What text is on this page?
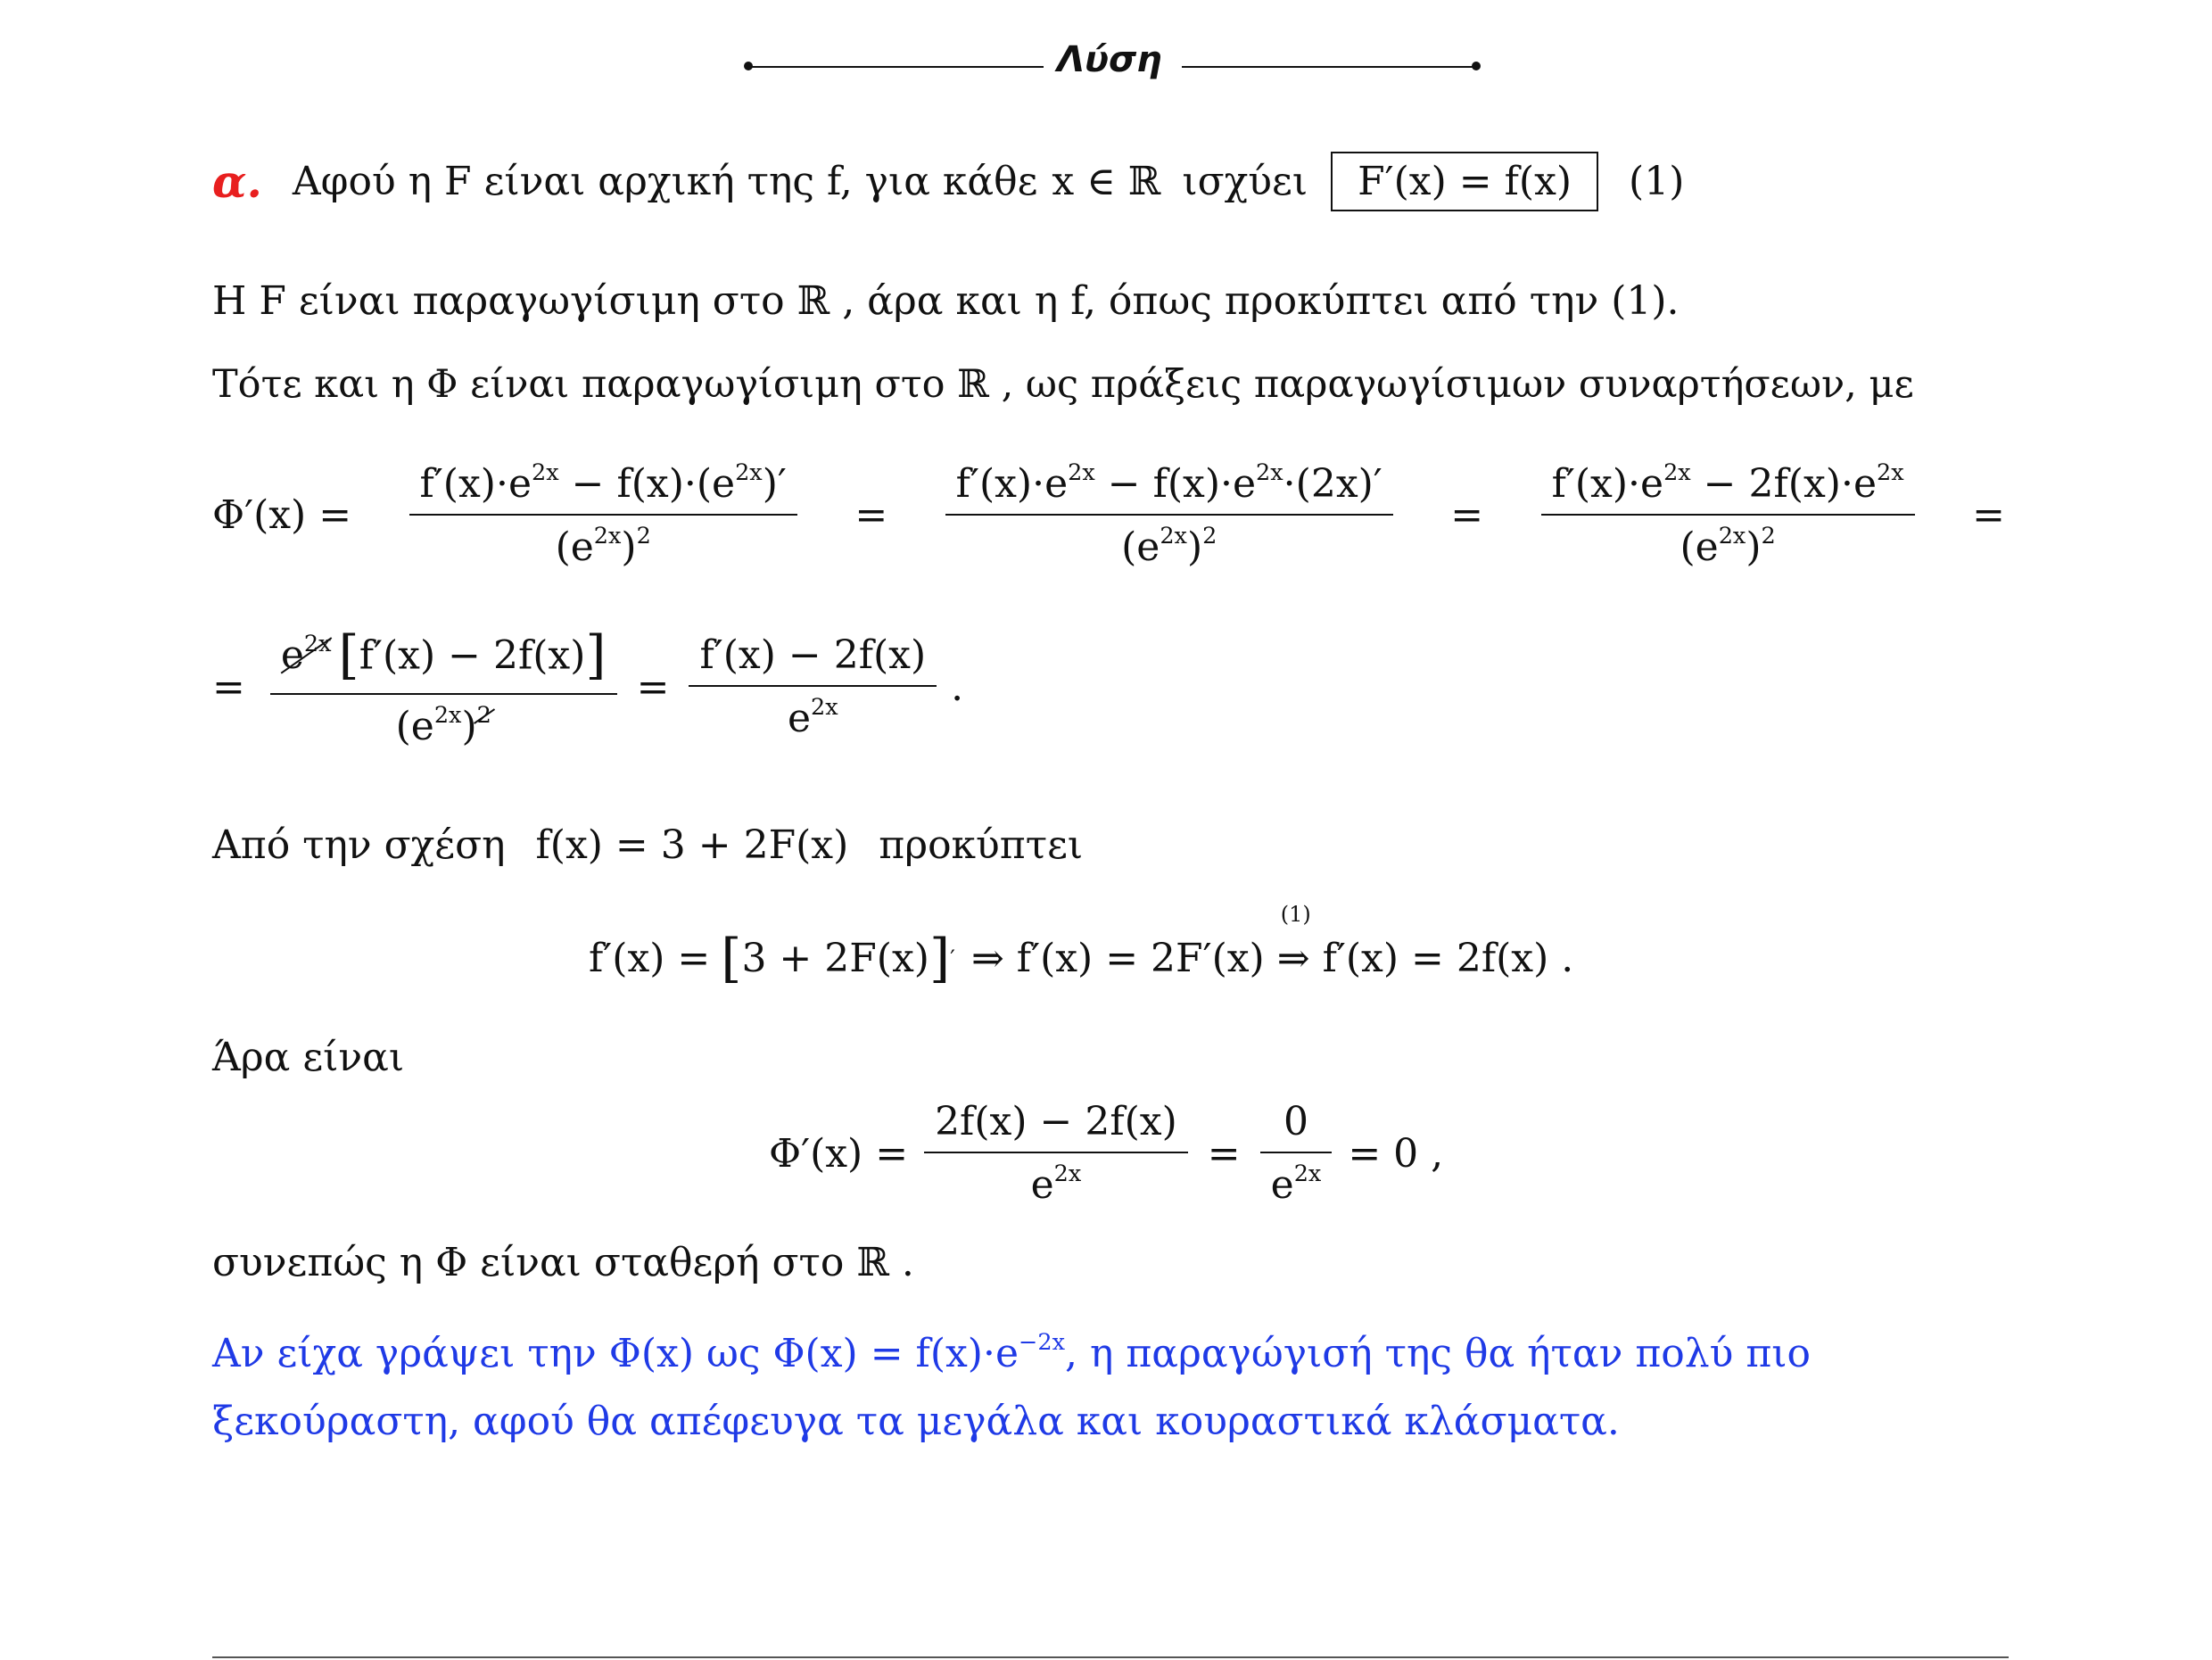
Λύση
α. Αφού η F είναι αρχική της f, για κάθε x ∈ ℝ ισχύει	F′(x) = f(x)	(1)
Η F είναι παραγωγίσιμη στο ℝ , άρα και η f, όπως προκύπτει από την (1).
Τότε και η Φ είναι παραγωγίσιμη στο ℝ , ως πράξεις παραγωγίσιμων συναρτήσεων, με
$\Phi'(x) = \frac{f'(x)\cdot e^{2x} - f(x)\cdot(e^{2x})'}{(e^{2x})^2} = \frac{f'(x)\cdot e^{2x} - f(x)\cdot e^{2x}\cdot(2x)'}{(e^{2x})^2} = \frac{f'(x)\cdot e^{2x} - 2f(x)\cdot e^{2x}}{(e^{2x})^2}$ =
= $\frac{e^{2x} [f'(x) - 2f(x)]}{(e^{2x})2} = \frac{f'(x) - 2f(x)}{e^{2x}}$ .
Από την σχέση f(x) = 3 + 2F(x) προκύπτει
f′(x) = [ 3 + 2F(x) ] ′ ⇒ f′(x) = 2F′(x)
(1)
⇒ f′(x) = 2f(x) .
Άρα είναι
$\Phi'(x) = \frac{2f(x) - 2f(x)}{e^{2x}} = \frac{0}{e^{2x}} = 0$ ,
συνεπώς η Φ είναι σταθερή στο ℝ .
Αν είχα γράψει την Φ(x) ως $\Phi(x) = f(x)\cdot e^{-2x}$, η παραγώγισή της θα ήταν πολύ πιο
ξεκούραστη, αφού θα απέφευγα τα μεγάλα και κουραστικά κλάσματα.
